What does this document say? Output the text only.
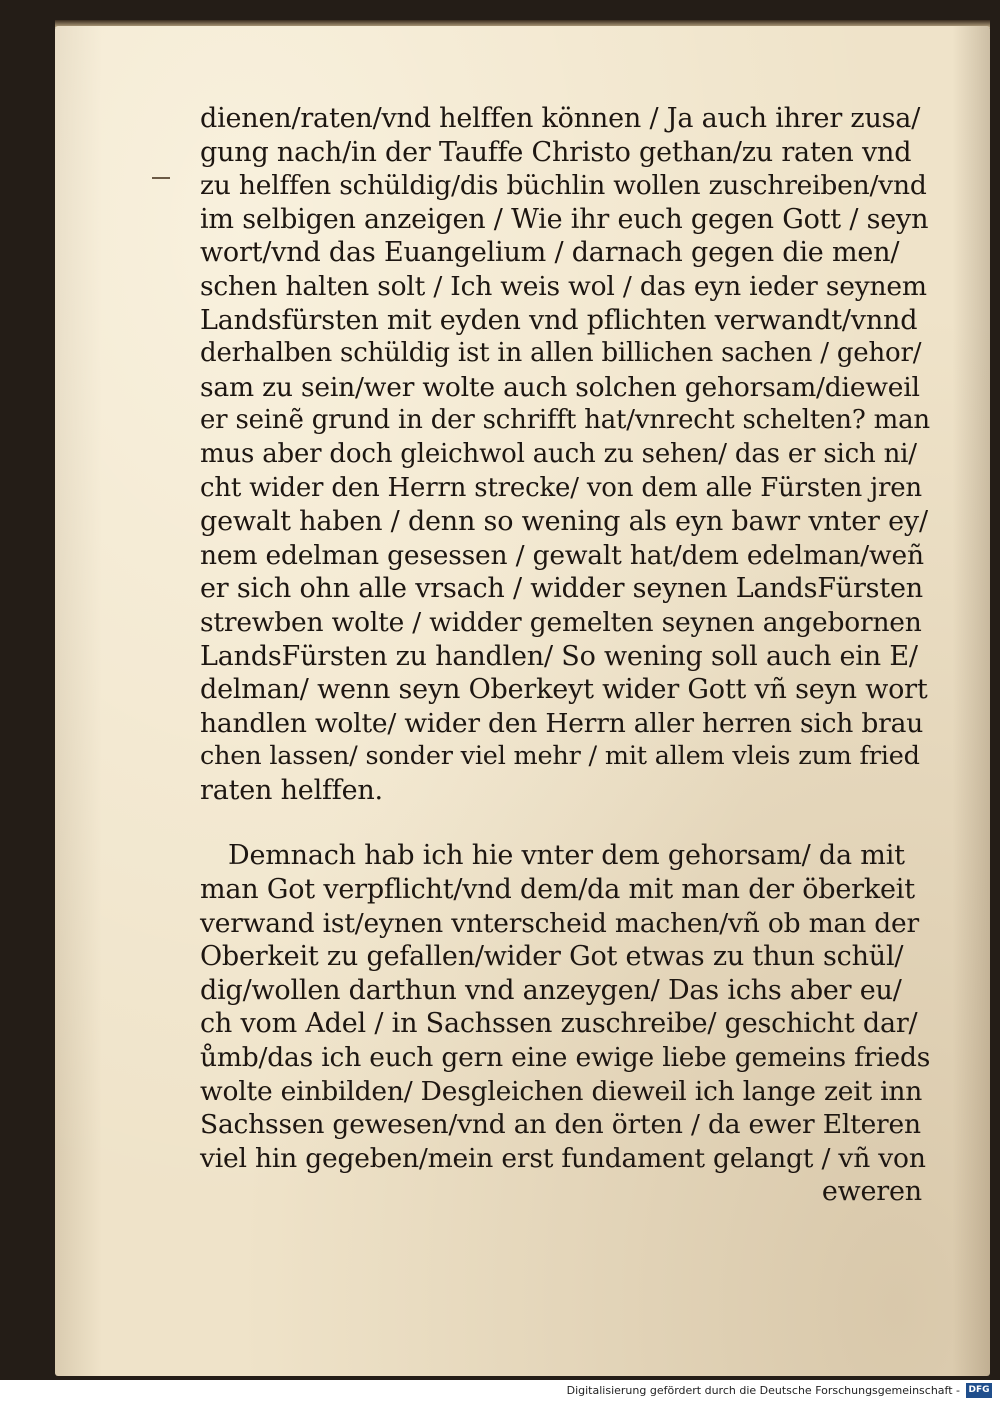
dienen/raten/vnd helffen können / Ja auch ihrer zusa/
gung nach/in der Tauffe Christo gethan/zu raten vnd
zu helffen schüldig/dis büchlin wollen zuschreiben/vnd
im selbigen anzeigen / Wie ihr euch gegen Gott / seyn
wort/vnd das Euangelium / darnach gegen die men/
schen halten solt / Ich weis wol / das eyn ieder seynem
Landsfürsten mit eyden vnd pflichten verwandt/vnnd
derhalben schüldig ist in allen billichen sachen / gehor/
sam zu sein/wer wolte auch solchen gehorsam/dieweil
er seinẽ grund in der schrifft hat/vnrecht schelten? man
mus aber doch gleichwol auch zu sehen/ das er sich ni/
cht wider den Herrn strecke/ von dem alle Fürsten jren
gewalt haben / denn so wening als eyn bawr vnter ey/
nem edelman gesessen / gewalt hat/dem edelman/weñ
er sich ohn alle vrsach / widder seynen LandsFürsten
strewben wolte / widder gemelten seynen angebornen
LandsFürsten zu handlen/ So wening soll auch ein E/
delman/ wenn seyn Oberkeyt wider Gott vñ seyn wort
handlen wolte/ wider den Herrn aller herren sich brau
chen lassen/ sonder viel mehr / mit allem vleis zum fried
raten helffen.
Demnach hab ich hie vnter dem gehorsam/ da mit
man Got verpflicht/vnd dem/da mit man der öberkeit
verwand ist/eynen vnterscheid machen/vñ ob man der
Oberkeit zu gefallen/wider Got etwas zu thun schül/
dig/wollen darthun vnd anzeygen/ Das ichs aber eu/
ch vom Adel / in Sachssen zuschreibe/ geschicht dar/
ůmb/das ich euch gern eine ewige liebe gemeins frieds
wolte einbilden/ Desgleichen dieweil ich lange zeit inn
Sachssen gewesen/vnd an den örten / da ewer Elteren
viel hin gegeben/mein erst fundament gelangt / vñ von
eweren
Digitalisierung gefördert durch die Deutsche Forschungsgemeinschaft - DFG
